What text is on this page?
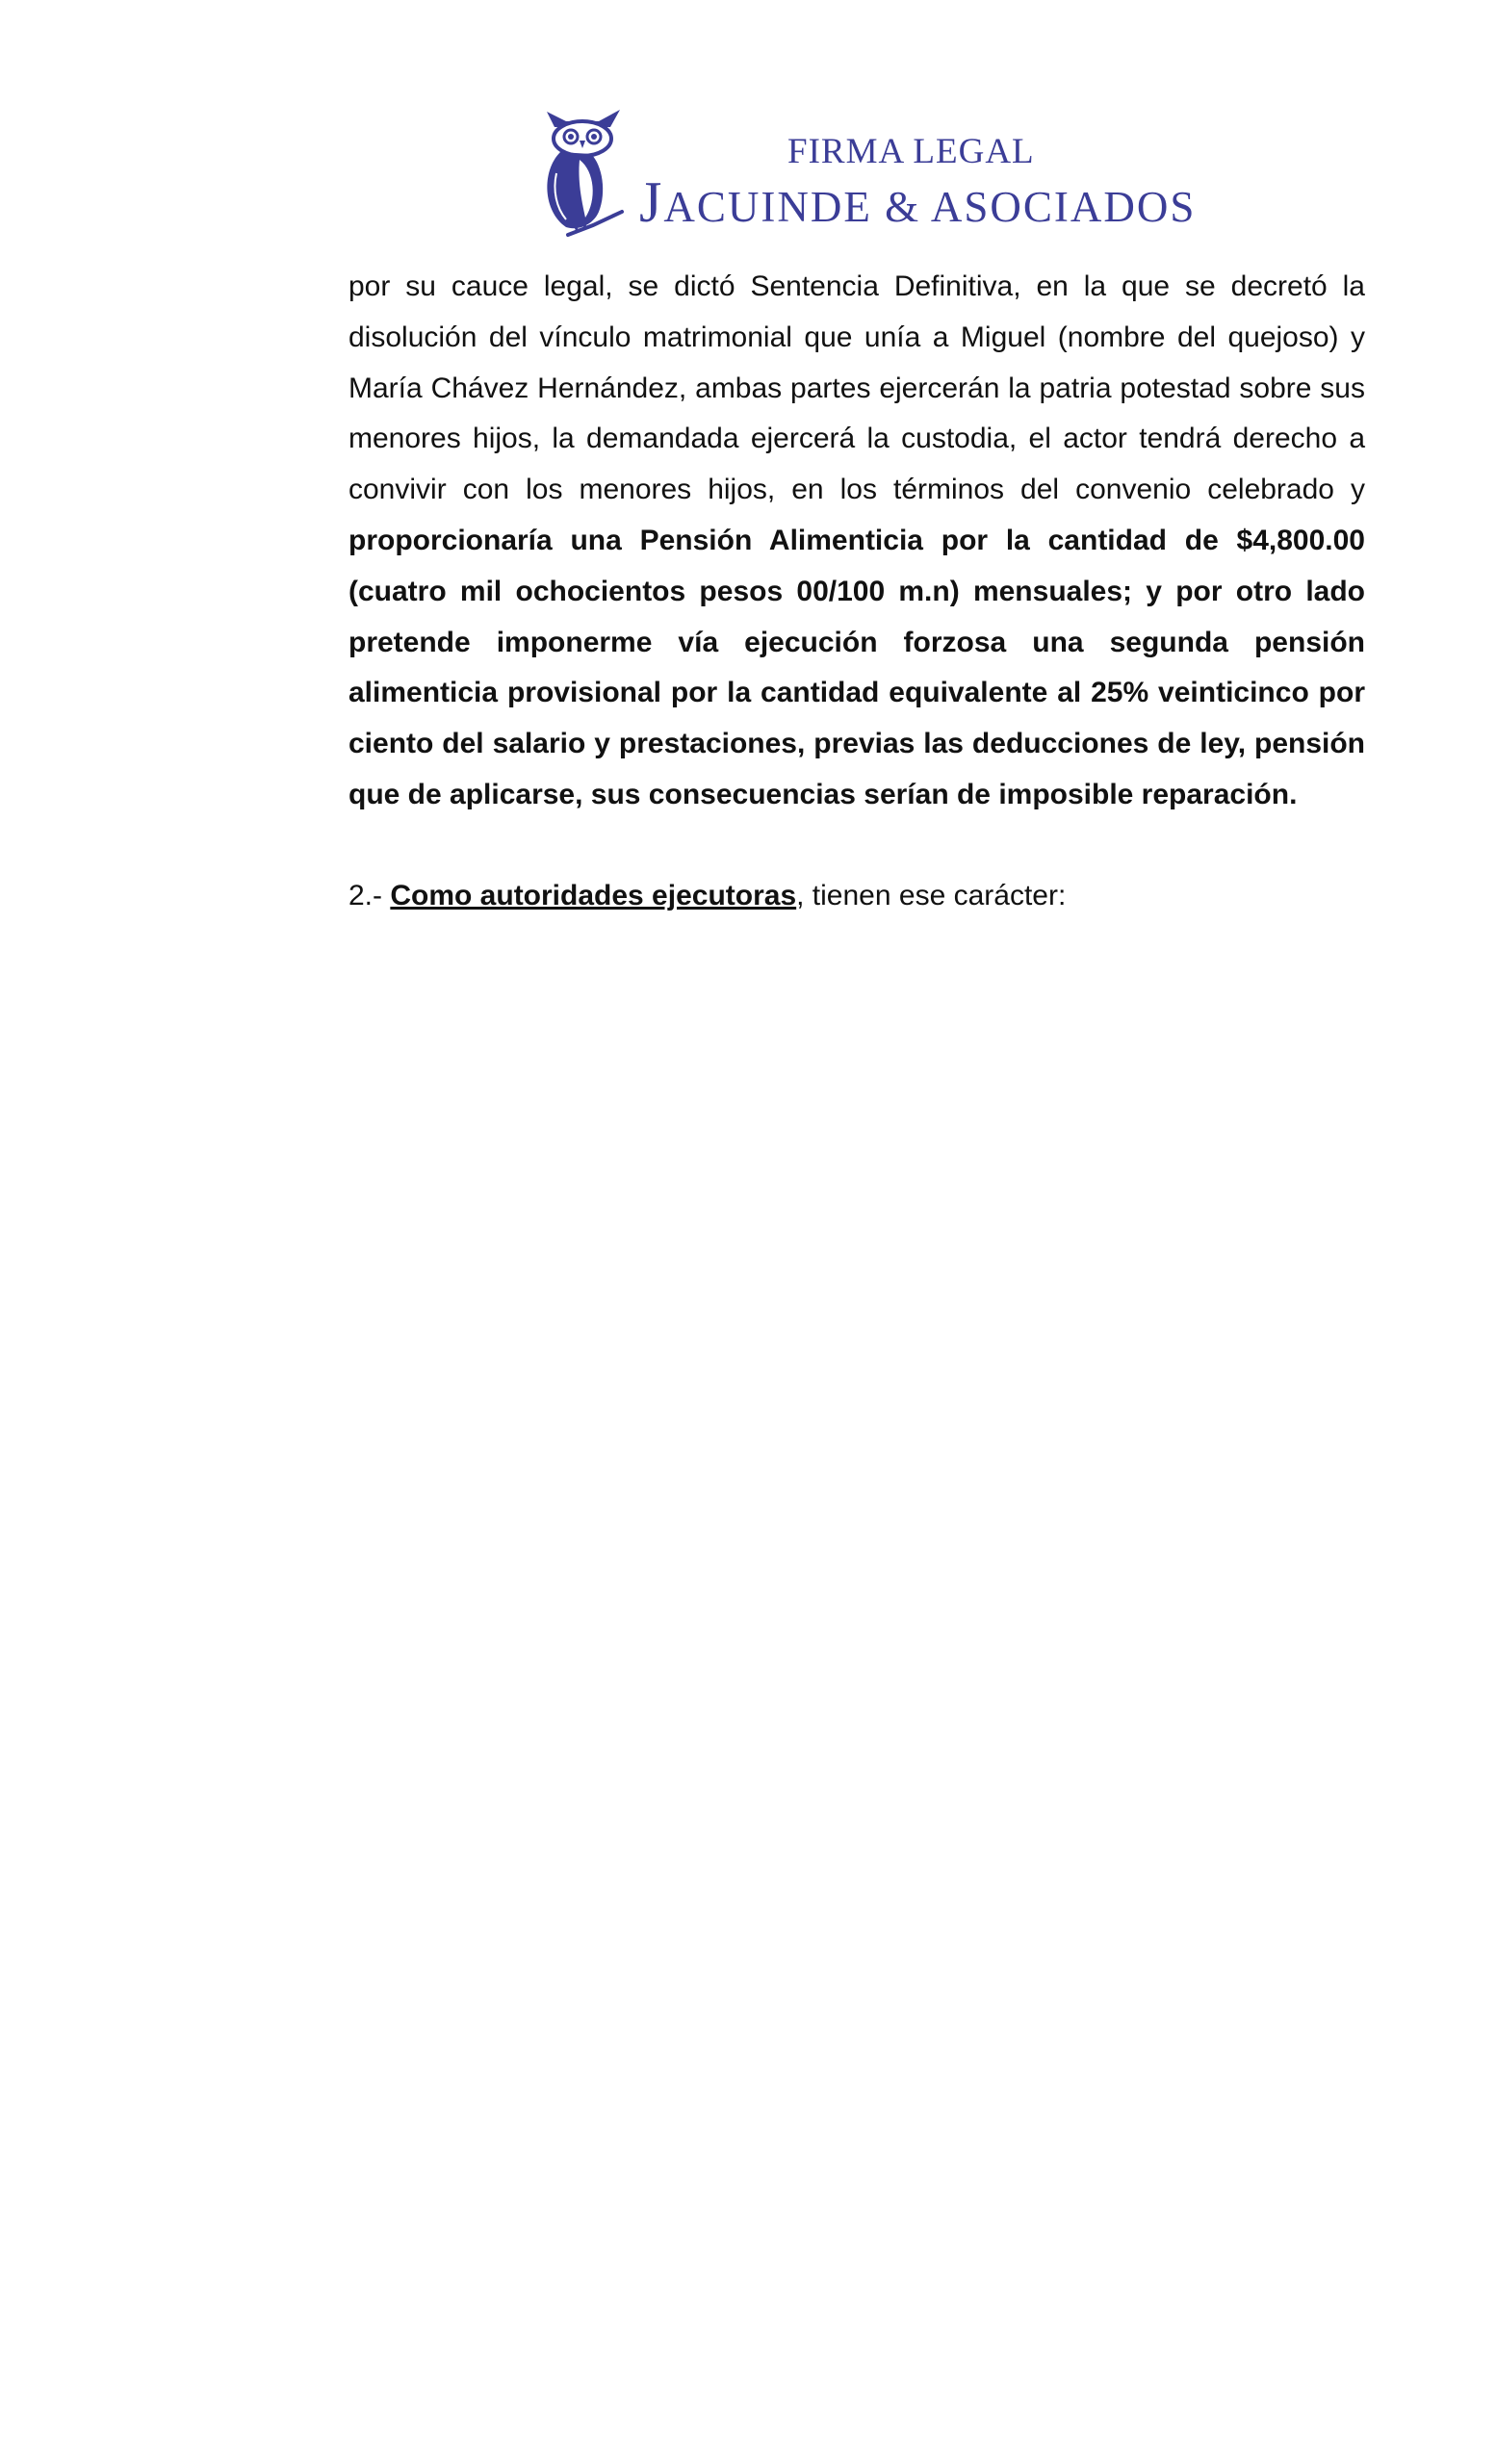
FIRMA LEGAL
JACUINDE & ASOCIADOS

por su cauce legal, se dictó Sentencia Definitiva, en la que se decretó la disolución del vínculo matrimonial que unía a Miguel (nombre del quejoso) y María Chávez Hernández, ambas partes ejercerán la patria potestad sobre sus menores hijos, la demandada ejercerá la custodia, el actor tendrá derecho a convivir con los menores hijos, en los términos del convenio celebrado y proporcionaría una Pensión Alimenticia por la cantidad de $4,800.00 (cuatro mil ochocientos pesos 00/100 m.n) mensuales; y por otro lado pretende imponerme vía ejecución forzosa una segunda pensión alimenticia provisional por la cantidad equivalente al 25% veinticinco por ciento del salario y prestaciones, previas las deducciones de ley, pensión que de aplicarse, sus consecuencias serían de imposible reparación.

2.- Como autoridades ejecutoras, tienen ese carácter:
